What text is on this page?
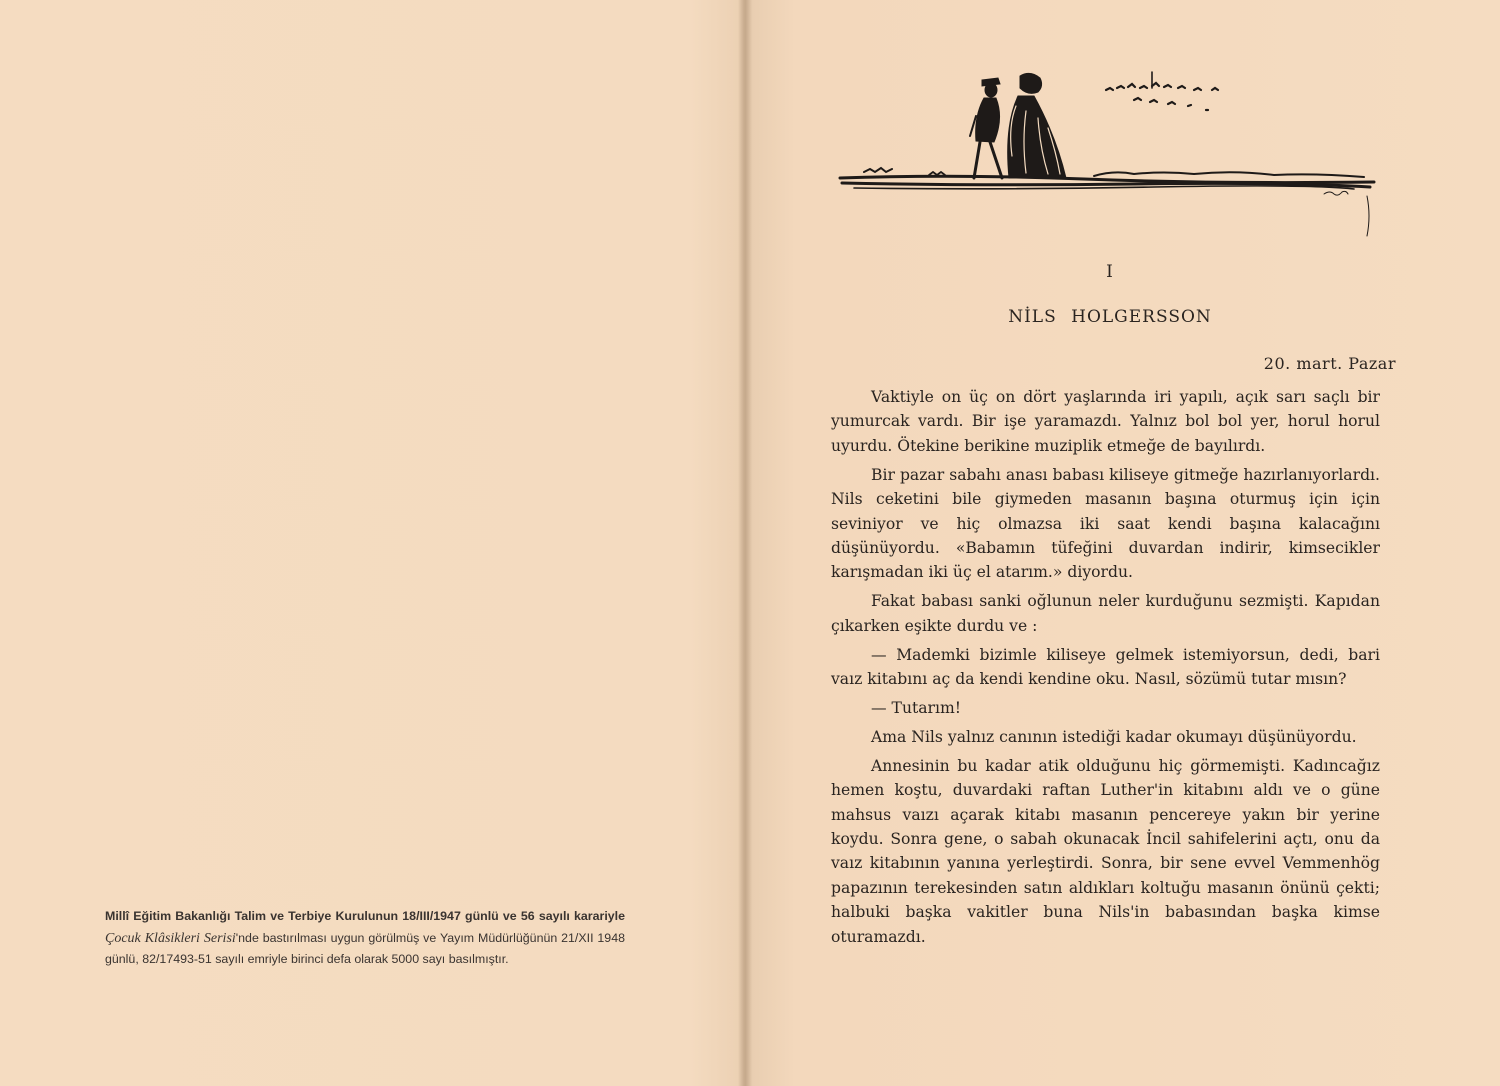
Millî Eğitim Bakanlığı Talim ve Terbiye Kurulunun 18/III/1947 günlü ve 56 sayılı karariyle Çocuk Klâsikleri Serisi'nde bastırılması uygun görülmüş ve Yayım Müdürlüğünün 21/XII 1948 günlü, 82/17493-51 sayılı emriyle birinci defa olarak 5000 sayı basılmıştır.
I
NİLS HOLGERSSON
20. mart. Pazar

Vaktiyle on üç on dört yaşlarında iri yapılı, açık sarı saçlı bir yumurcak vardı. Bir işe yaramazdı. Yalnız bol bol yer, horul horul uyurdu. Ötekine berikine muziplik etmeğe de bayılırdı.

Bir pazar sabahı anası babası kiliseye gitmeğe hazırlanıyorlardı. Nils ceketini bile giymeden masanın başına oturmuş için için seviniyor ve hiç olmazsa iki saat kendi başına kalacağını düşünüyordu. «Babamın tüfeğini duvardan indirir, kimsecikler karışmadan iki üç el atarım.» diyordu.

Fakat babası sanki oğlunun neler kurduğunu sezmişti. Kapıdan çıkarken eşikte durdu ve :

— Mademki bizimle kiliseye gelmek istemiyorsun, dedi, bari vaız kitabını aç da kendi kendine oku. Nasıl, sözümü tutar mısın?

— Tutarım!

Ama Nils yalnız canının istediği kadar okumayı düşünüyordu.

Annesinin bu kadar atik olduğunu hiç görmemişti. Kadıncağız hemen koştu, duvardaki raftan Luther'in kitabını aldı ve o güne mahsus vaızı açarak kitabı masanın pencereye yakın bir yerine koydu. Sonra gene, o sabah okunacak İncil sahifelerini açtı, onu da vaız kitabının yanına yerleştirdi. Sonra, bir sene evvel Vemmenhög papazının terekesinden satın aldıkları koltuğu masanın önünü çekti; halbuki başka vakitler buna Nils'in babasından başka kimse oturamazdı.
